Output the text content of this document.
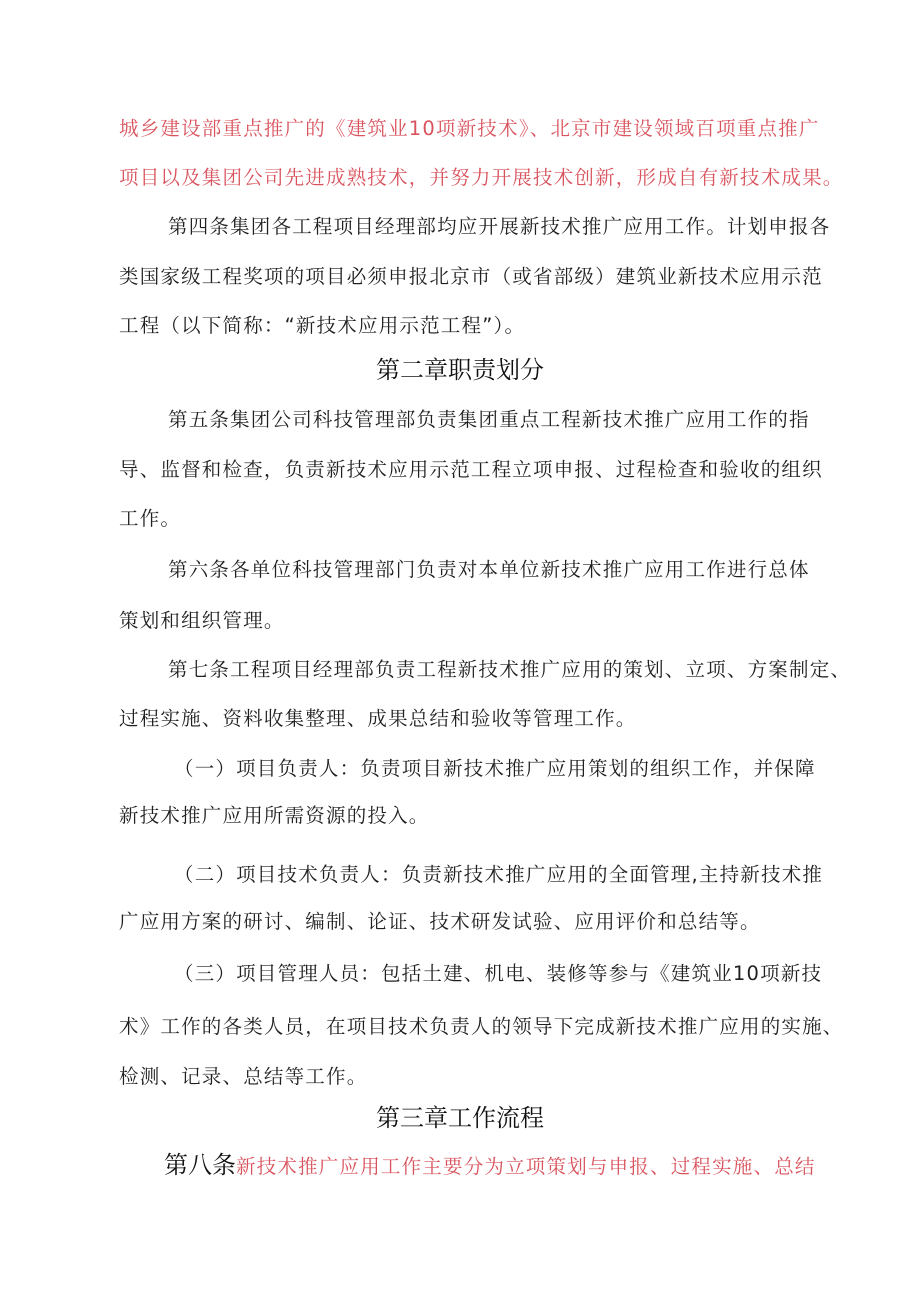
城乡建设部重点推广的《建筑业10项新技术》、北京市建设领域百项重点推广
项目以及集团公司先进成熟技术，并努力开展技术创新，形成自有新技术成果。
第四条集团各工程项目经理部均应开展新技术推广应用工作。计划申报各
类国家级工程奖项的项目必须申报北京市（或省部级）建筑业新技术应用示范
工程（以下简称：“新技术应用示范工程”）。
第二章职责划分
第五条集团公司科技管理部负责集团重点工程新技术推广应用工作的指
导、监督和检查，负责新技术应用示范工程立项申报、过程检查和验收的组织
工作。
第六条各单位科技管理部门负责对本单位新技术推广应用工作进行总体
策划和组织管理。
第七条工程项目经理部负责工程新技术推广应用的策划、立项、方案制定、
过程实施、资料收集整理、成果总结和验收等管理工作。
（一）项目负责人：负责项目新技术推广应用策划的组织工作，并保障
新技术推广应用所需资源的投入。
（二）项目技术负责人：负责新技术推广应用的全面管理,主持新技术推
广应用方案的研讨、编制、论证、技术研发试验、应用评价和总结等。
（三）项目管理人员：包括土建、机电、装修等参与《建筑业10项新技
术》工作的各类人员，在项目技术负责人的领导下完成新技术推广应用的实施、
检测、记录、总结等工作。
第三章工作流程
第八条新技术推广应用工作主要分为立项策划与申报、过程实施、总结
